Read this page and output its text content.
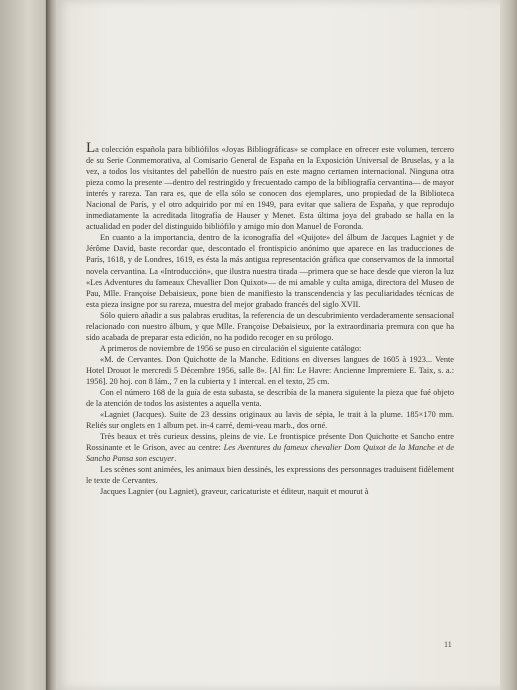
La colección española para bibliófilos «Joyas Bibliográficas» se complace en ofrecer este volumen, tercero de su Serie Conmemorativa, al Comisario General de España en la Exposición Universal de Bruselas, y a la vez, a todos los visitantes del pabellón de nuestro país en este magno certamen internacional. Ninguna otra pieza como la presente —dentro del restringido y frecuentado campo de la bibliografía cervantina— de mayor interés y rareza. Tan rara es, que de ella sólo se conocen dos ejemplares, uno propiedad de la Biblioteca Nacional de París, y el otro adquirido por mí en 1949, para evitar que saliera de España, y que reprodujo inmediatamente la acreditada litografía de Hauser y Menet. Esta última joya del grabado se halla en la actualidad en poder del distinguido bibliófilo y amigo mío don Manuel de Foronda.

En cuanto a la importancia, dentro de la iconografía del «Quijote» del álbum de Jacques Lagniet y de Jérôme David, baste recordar que, descontado el frontispicio anónimo que aparece en las traducciones de París, 1618, y de Londres, 1619, es ésta la más antigua representación gráfica que conservamos de la inmortal novela cervantina. La «Introducción», que ilustra nuestra tirada —primera que se hace desde que vieron la luz «Les Adventures du fameaux Chevallier Don Quixot»— de mi amable y culta amiga, directora del Museo de Pau, Mlle. Françoise Debaisieux, pone bien de manifiesto la transcendencia y las peculiaridades técnicas de esta pieza insigne por su rareza, muestra del mejor grabado francés del siglo XVII.

Sólo quiero añadir a sus palabras eruditas, la referencia de un descubrimiento verdaderamente sensacional relacionado con nuestro álbum, y que Mlle. Françoise Debaisieux, por la extraordinaria premura con que ha sido acabada de preparar esta edición, no ha podido recoger en su prólogo.

A primeros de noviembre de 1956 se puso en circulación el siguiente catálogo:

«M. de Cervantes. Don Quichotte de la Manche. Editions en diverses langues de 1605 à 1923... Vente Hotel Drouot le mercredi 5 Décembre 1956, salle 8». [Al fin: Le Havre: Ancienne Impremiere E. Taix, s. a.: 1956]. 20 hoj. con 8 lám., 7 en la cubierta y 1 intercal. en el texto, 25 cm.

Con el número 168 de la guía de esta subasta, se describía de la manera siguiente la pieza que fué objeto de la atención de todos los asistentes a aquella venta.

«Lagniet (Jacques). Suite de 23 dessins originaux au lavis de sépia, le trait à la plume. 185×170 mm. Reliés sur onglets en 1 album pet. in-4 carré, demi-veau marb., dos orné.

Très beaux et très curieux dessins, pleins de vie. Le frontispice présente Don Quichotte et Sancho entre Rossinante et le Grison, avec au centre: Les Aventures du fameux chevalier Dom Quixot de la Manche et de Sancho Pansa son escuyer.

Les scènes sont animées, les animaux bien dessinés, les expressions des personnages traduisent fidèlement le texte de Cervantes.

Jacques Lagnier (ou Lagniet), graveur, caricaturiste et éditeur, naquit et mourut à

11
